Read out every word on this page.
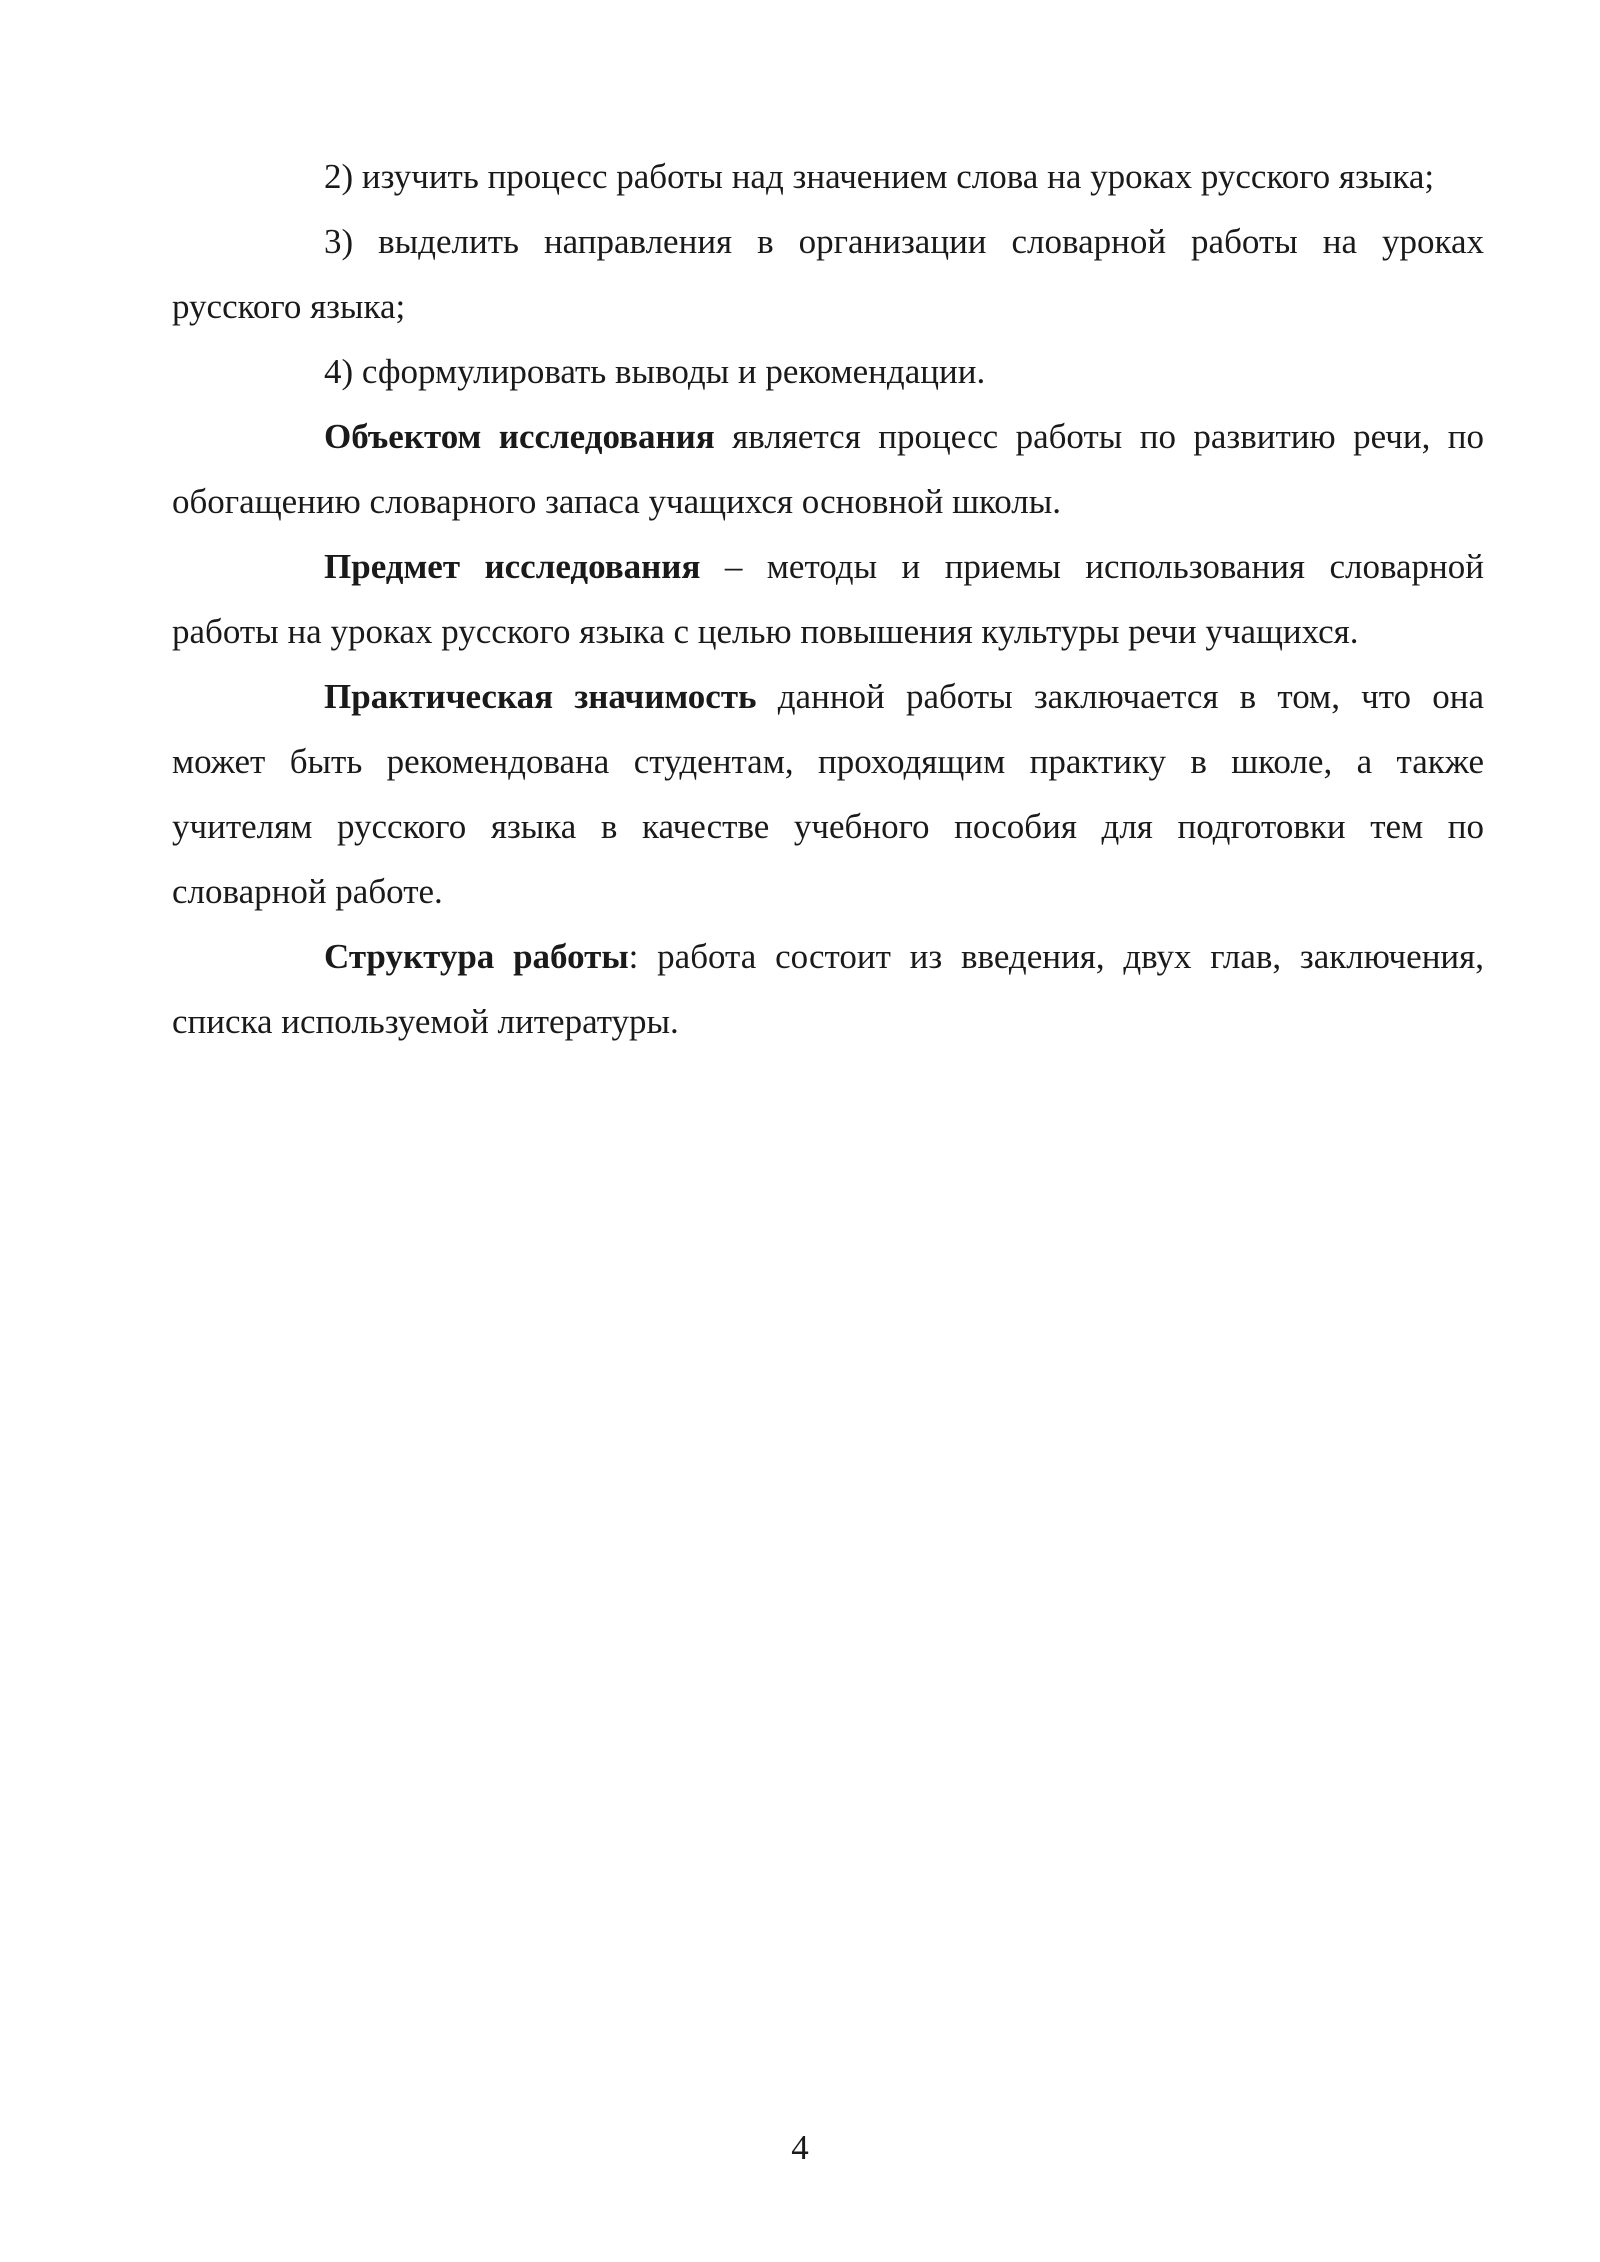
2) изучить процесс работы над значением слова на уроках русского языка;

3) выделить направления в организации словарной работы на уроках русского языка;

4) сформулировать выводы и рекомендации.

Объектом исследования является процесс работы по развитию речи, по обогащению словарного запаса учащихся основной школы.

Предмет исследования – методы и приемы использования словарной работы на уроках русского языка с целью повышения культуры речи учащихся.

Практическая значимость данной работы заключается в том, что она может быть рекомендована студентам, проходящим практику в школе, а также учителям русского языка в качестве учебного пособия для подготовки тем по словарной работе.

Структура работы: работа состоит из введения, двух глав, заключения, списка используемой литературы.

4
